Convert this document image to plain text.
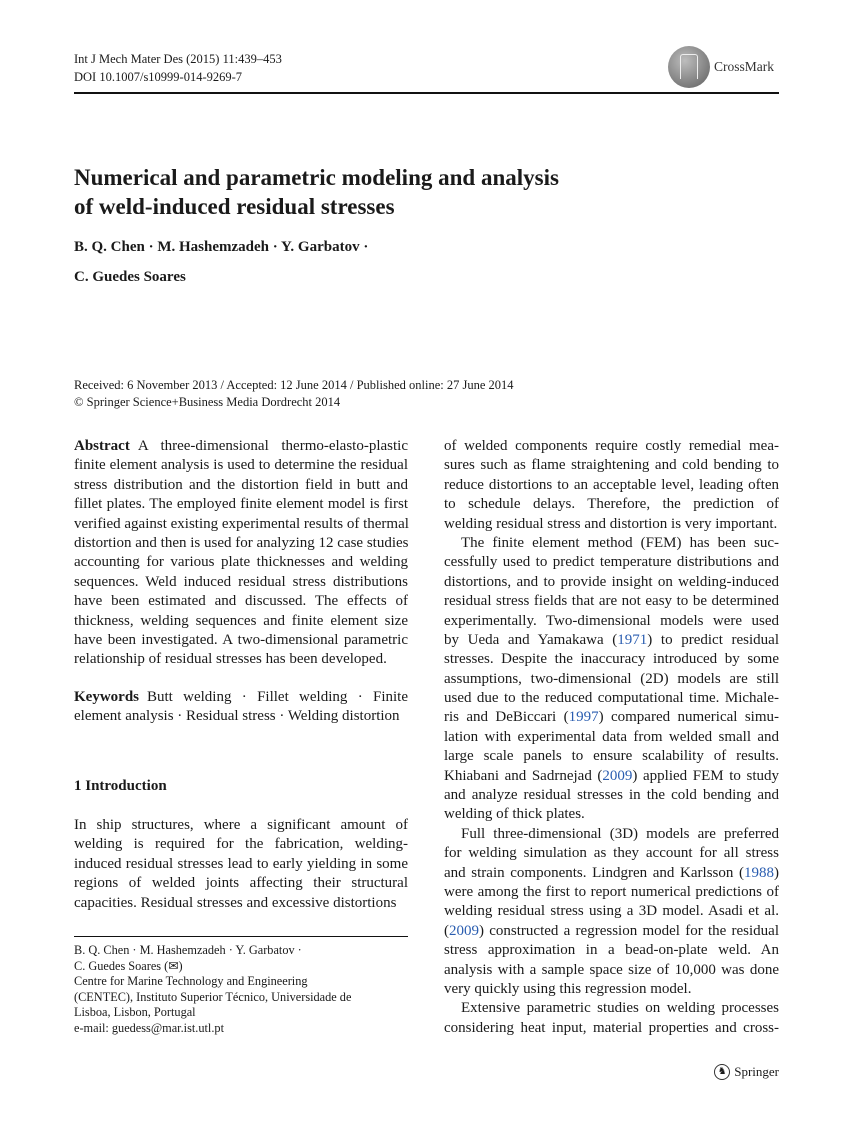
Int J Mech Mater Des (2015) 11:439–453
DOI 10.1007/s10999-014-9269-7
CrossMark
Numerical and parametric modeling and analysis
of weld-induced residual stresses
B. Q. Chen · M. Hashemzadeh · Y. Garbatov ·
C. Guedes Soares
Received: 6 November 2013 / Accepted: 12 June 2014 / Published online: 27 June 2014
© Springer Science+Business Media Dordrecht 2014
Abstract A three-dimensional thermo-elasto-plastic
finite element analysis is used to determine the residual
stress distribution and the distortion field in butt and
fillet plates. The employed finite element model is first
verified against existing experimental results of thermal
distortion and then is used for analyzing 12 case studies
accounting for various plate thicknesses and welding
sequences. Weld induced residual stress distributions
have been estimated and discussed. The effects of
thickness, welding sequences and finite element size
have been investigated. A two-dimensional parametric
relationship of residual stresses has been developed.
Keywords Butt welding · Fillet welding · Finite
element analysis · Residual stress · Welding distortion
1 Introduction
In ship structures, where a significant amount of
welding is required for the fabrication, welding-
induced residual stresses lead to early yielding in some
regions of welded joints affecting their structural
capacities. Residual stresses and excessive distortions
B. Q. Chen · M. Hashemzadeh · Y. Garbatov ·
C. Guedes Soares (✉)
Centre for Marine Technology and Engineering
(CENTEC), Instituto Superior Técnico, Universidade de
Lisboa, Lisbon, Portugal
e-mail: guedess@mar.ist.utl.pt
of welded components require costly remedial mea-
sures such as flame straightening and cold bending to
reduce distortions to an acceptable level, leading often
to schedule delays. Therefore, the prediction of
welding residual stress and distortion is very important.
The finite element method (FEM) has been suc-
cessfully used to predict temperature distributions and
distortions, and to provide insight on welding-induced
residual stress fields that are not easy to be determined
experimentally. Two-dimensional models were used
by Ueda and Yamakawa (1971) to predict residual
stresses. Despite the inaccuracy introduced by some
assumptions, two-dimensional (2D) models are still
used due to the reduced computational time. Michale-
ris and DeBiccari (1997) compared numerical simu-
lation with experimental data from welded small and
large scale panels to ensure scalability of results.
Khiabani and Sadrnejad (2009) applied FEM to study
and analyze residual stresses in the cold bending and
welding of thick plates.
Full three-dimensional (3D) models are preferred
for welding simulation as they account for all stress
and strain components. Lindgren and Karlsson (1988)
were among the first to report numerical predictions of
welding residual stress using a 3D model. Asadi et al.
(2009) constructed a regression model for the residual
stress approximation in a bead-on-plate weld. An
analysis with a sample space size of 10,000 was done
very quickly using this regression model.
Extensive parametric studies on welding processes
considering heat input, material properties and cross-
♞ Springer
